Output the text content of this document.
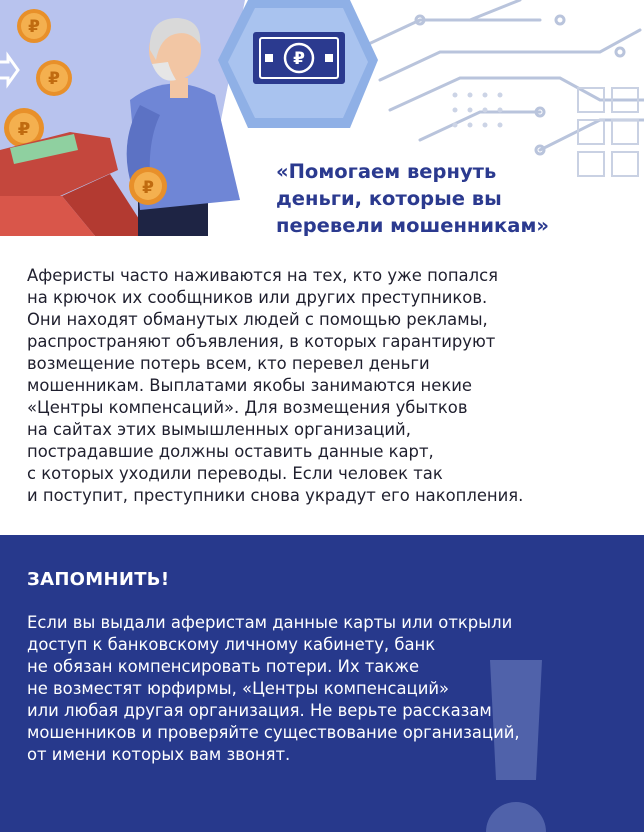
₽
₽
₽
₽
₽
«Помогаем вернуть
деньги, которые вы
перевели мошенникам»

Аферисты часто наживаются на тех, кто уже попался
на крючок их сообщников или других преступников.
Они находят обманутых людей с помощью рекламы,
распространяют объявления, в которых гарантируют
возмещение потерь всем, кто перевел деньги
мошенникам. Выплатами якобы занимаются некие
«Центры компенсаций». Для возмещения убытков
на сайтах этих вымышленных организаций,
пострадавшие должны оставить данные карт,
с которых уходили переводы. Если человек так
и поступит, преступники снова украдут его накопления.

ЗАПОМНИТЬ!

Если вы выдали аферистам данные карты или открыли
доступ к банковскому личному кабинету, банк
не обязан компенсировать потери. Их также
не возместят юрфирмы, «Центры компенсаций»
или любая другая организация. Не верьте рассказам
мошенников и проверяйте существование организаций,
от имени которых вам звонят.
